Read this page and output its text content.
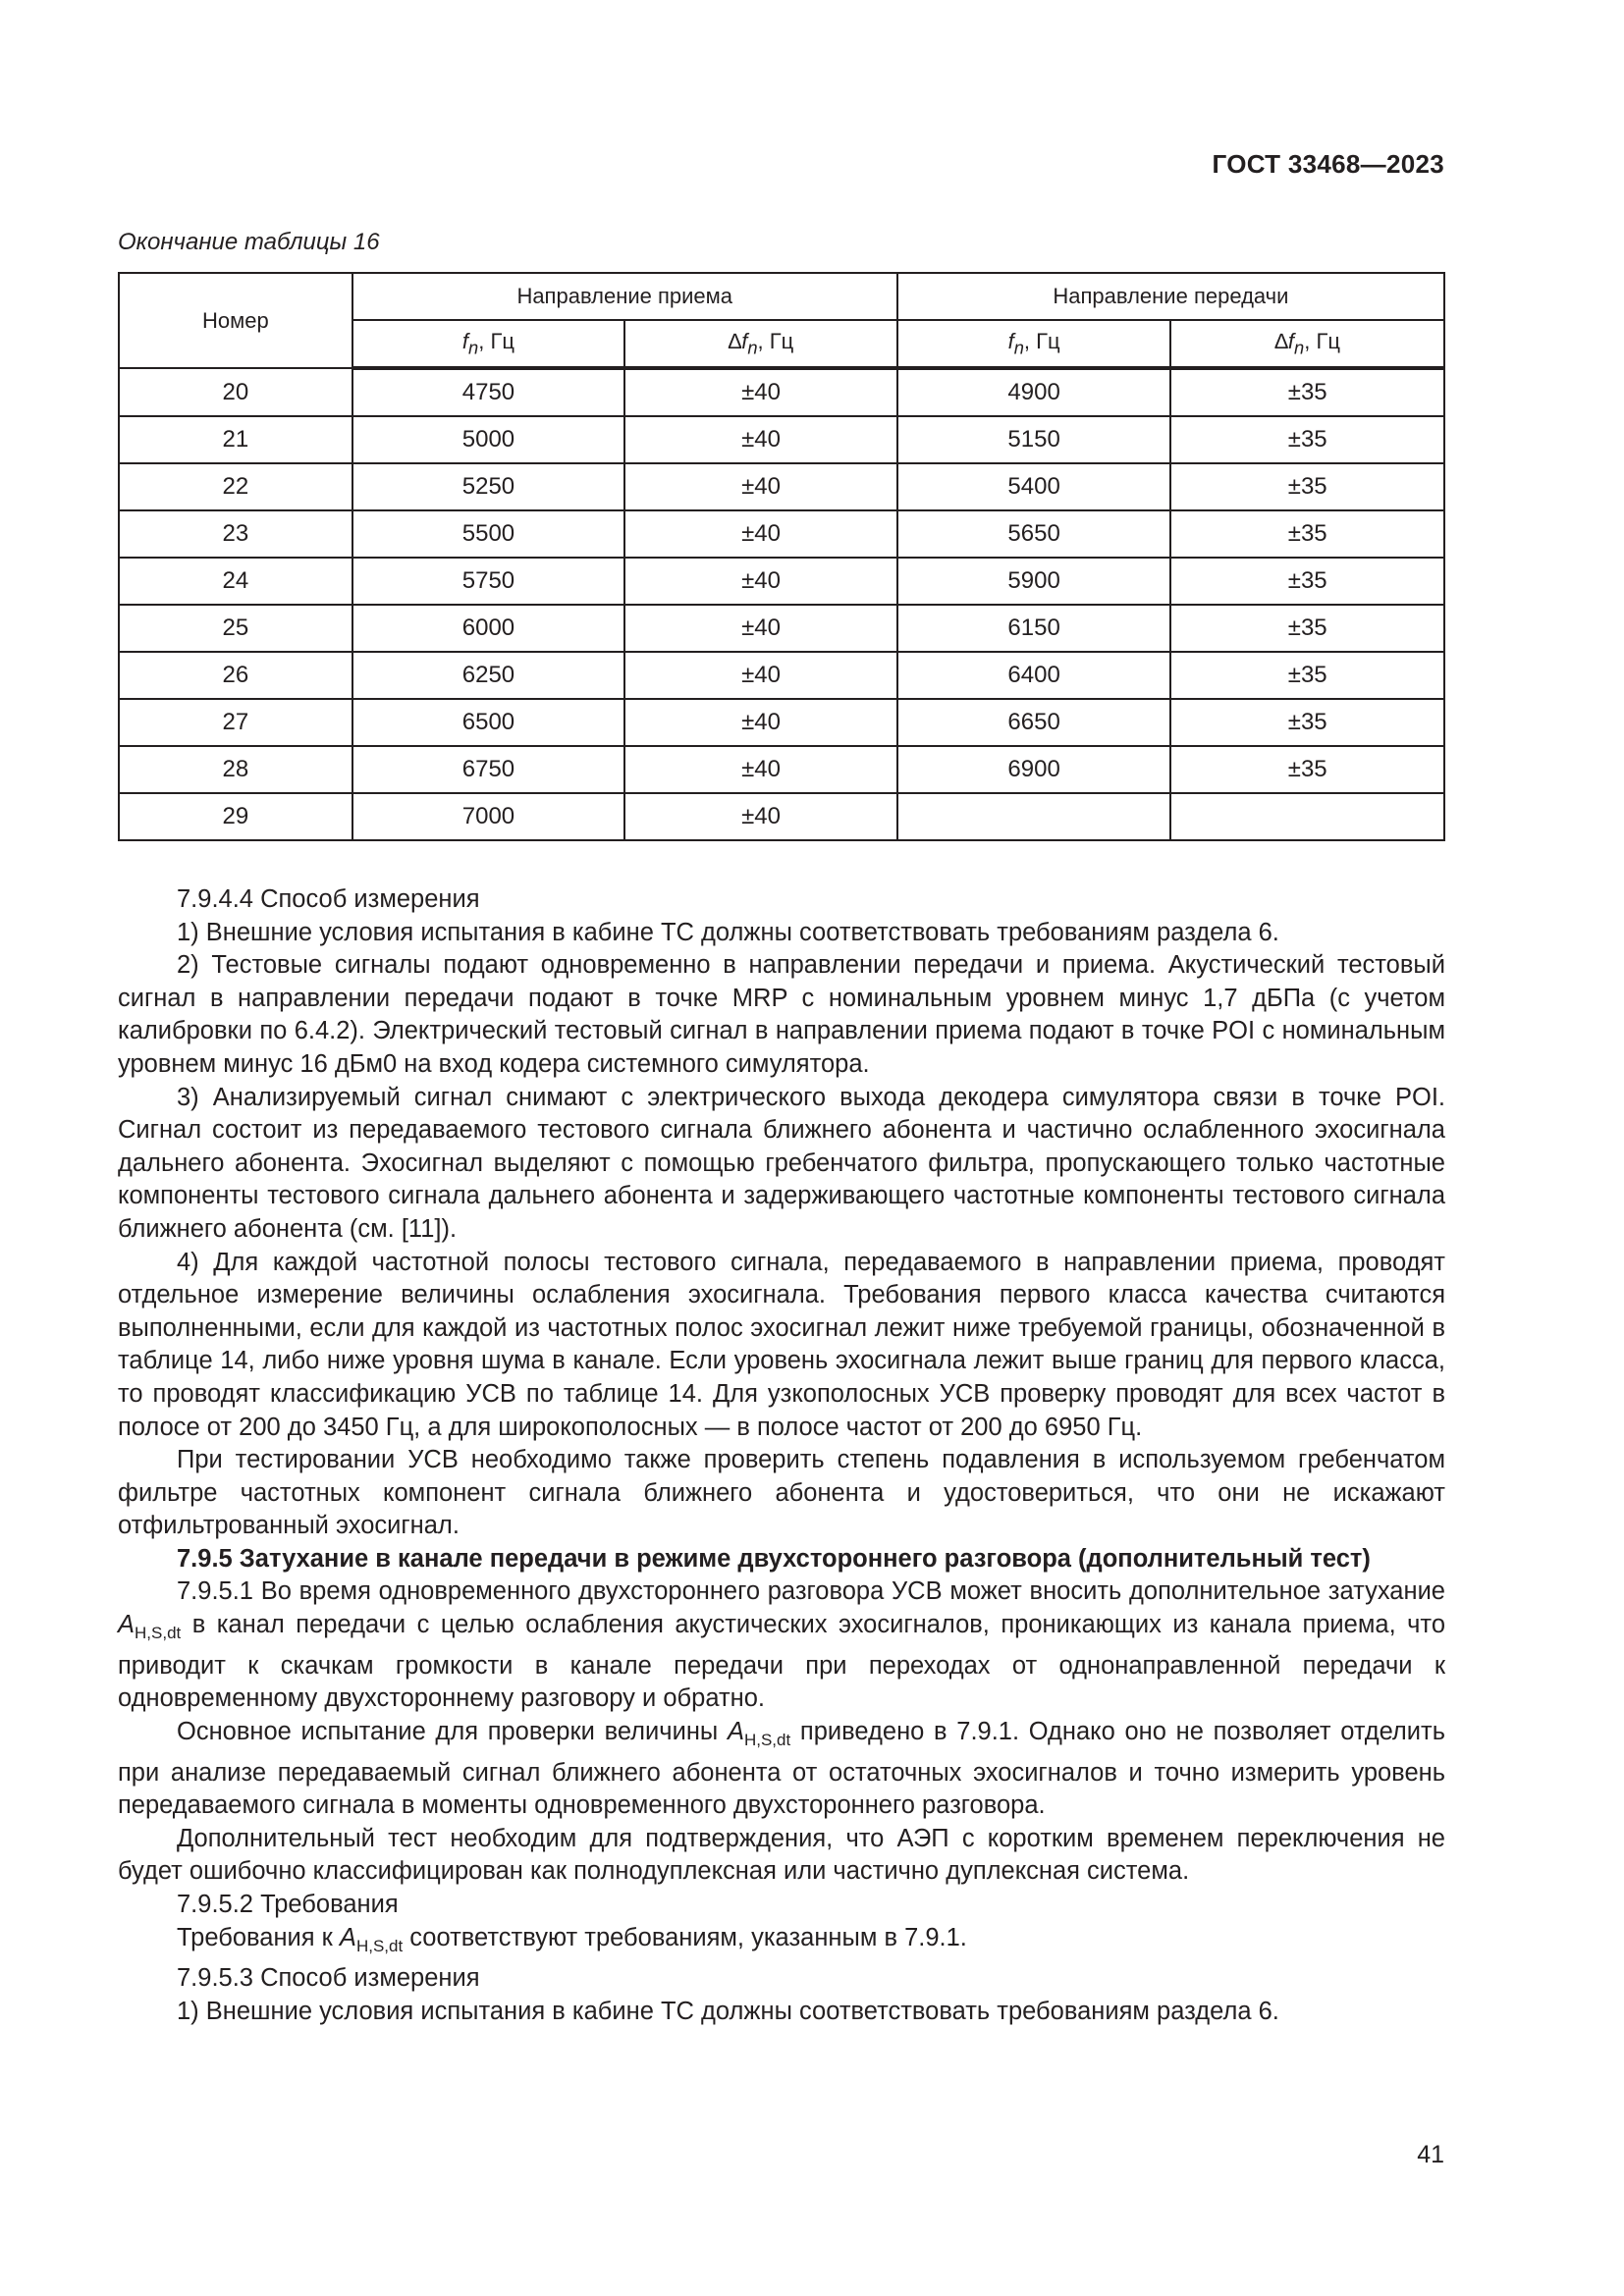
ГОСТ 33468—2023
Окончание таблицы 16
Номер	Направление приема		Направление передачи	
	$f_n$, Гц	$\Delta f_n$, Гц	$f_n$, Гц	$\Delta f_n$, Гц
20	4750	±40	4900	±35
21	5000	±40	5150	±35
22	5250	±40	5400	±35
23	5500	±40	5650	±35
24	5750	±40	5900	±35
25	6000	±40	6150	±35
26	6250	±40	6400	±35
27	6500	±40	6650	±35
28	6750	±40	6900	±35
29	7000	±40		

7.9.4.4 Способ измерения

1) Внешние условия испытания в кабине ТС должны соответствовать требованиям раздела 6.

2) Тестовые сигналы подают одновременно в направлении передачи и приема. Акустический тестовый сигнал в направлении передачи подают в точке MRP с номинальным уровнем минус 1,7 дБПа (с учетом калибровки по 6.4.2). Электрический тестовый сигнал в направлении приема подают в точке POI с номинальным уровнем минус 16 дБм0 на вход кодера системного симулятора.

3) Анализируемый сигнал снимают с электрического выхода декодера симулятора связи в точке POI. Сигнал состоит из передаваемого тестового сигнала ближнего абонента и частично ослабленного эхосигнала дальнего абонента. Эхосигнал выделяют с помощью гребенчатого фильтра, пропускающего только частотные компоненты тестового сигнала дальнего абонента и задерживающего частотные компоненты тестового сигнала ближнего абонента (см. [11]).

4) Для каждой частотной полосы тестового сигнала, передаваемого в направлении приема, проводят отдельное измерение величины ослабления эхосигнала. Требования первого класса качества считаются выполненными, если для каждой из частотных полос эхосигнал лежит ниже требуемой границы, обозначенной в таблице 14, либо ниже уровня шума в канале. Если уровень эхосигнала лежит выше границ для первого класса, то проводят классификацию УСВ по таблице 14. Для узкополосных УСВ проверку проводят для всех частот в полосе от 200 до 3450 Гц, а для широкополосных — в полосе частот от 200 до 6950 Гц.

При тестировании УСВ необходимо также проверить степень подавления в используемом гребенчатом фильтре частотных компонент сигнала ближнего абонента и удостовериться, что они не искажают отфильтрованный эхосигнал.

7.9.5 Затухание в канале передачи в режиме двухстороннего разговора (дополнительный тест)

7.9.5.1 Во время одновременного двухстороннего разговора УСВ может вносить дополнительное затухание $A_{H,S,dt}$ в канал передачи с целью ослабления акустических эхосигналов, проникающих из канала приема, что приводит к скачкам громкости в канале передачи при переходах от однонаправленной передачи к одновременному двухстороннему разговору и обратно.

Основное испытание для проверки величины $A_{H,S,dt}$ приведено в 7.9.1. Однако оно не позволяет отделить при анализе передаваемый сигнал ближнего абонента от остаточных эхосигналов и точно измерить уровень передаваемого сигнала в моменты одновременного двухстороннего разговора.

Дополнительный тест необходим для подтверждения, что АЭП с коротким временем переключения не будет ошибочно классифицирован как полнодуплексная или частично дуплексная система.

7.9.5.2 Требования

Требования к $A_{H,S,dt}$ соответствуют требованиям, указанным в 7.9.1.

7.9.5.3 Способ измерения

1) Внешние условия испытания в кабине ТС должны соответствовать требованиям раздела 6.

41
